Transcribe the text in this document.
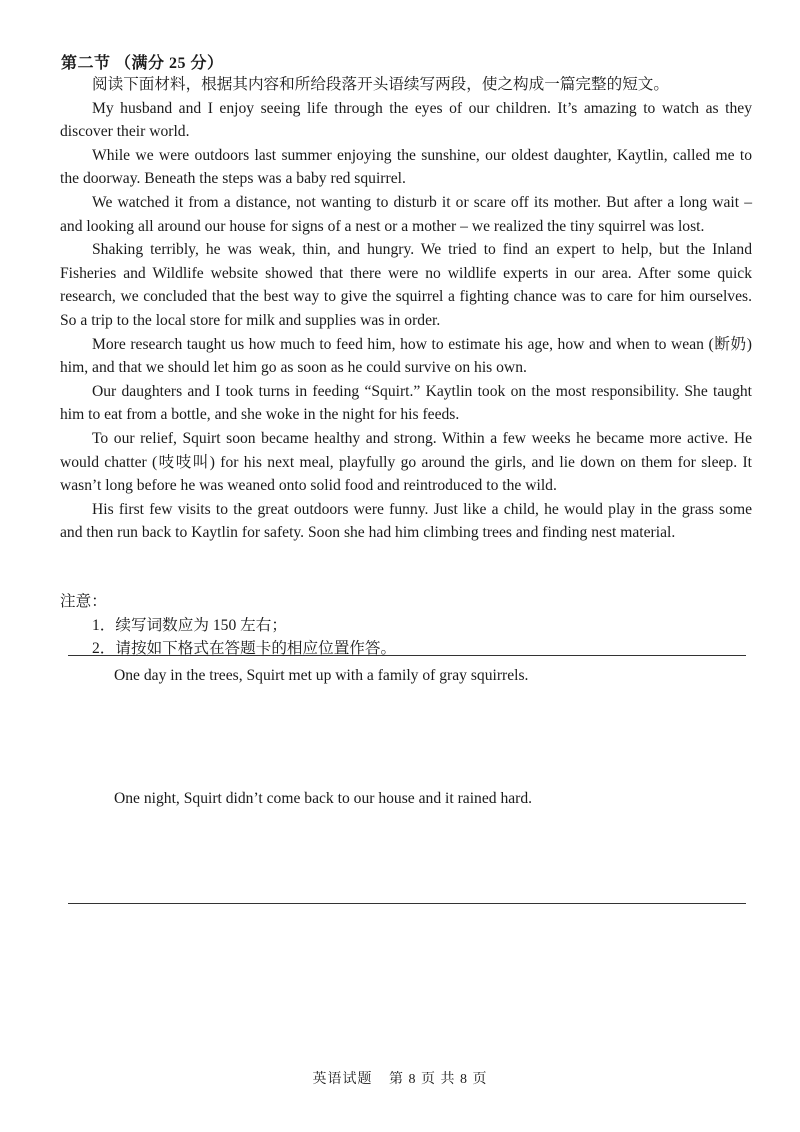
第二节 （满分 25 分）

阅读下面材料，根据其内容和所给段落开头语续写两段，使之构成一篇完整的短文。

My husband and I enjoy seeing life through the eyes of our children. It’s amazing to watch as they discover their world.

While we were outdoors last summer enjoying the sunshine, our oldest daughter, Kaytlin, called me to the doorway. Beneath the steps was a baby red squirrel.

We watched it from a distance, not wanting to disturb it or scare off its mother. But after a long wait – and looking all around our house for signs of a nest or a mother – we realized the tiny squirrel was lost.

Shaking terribly, he was weak, thin, and hungry. We tried to find an expert to help, but the Inland Fisheries and Wildlife website showed that there were no wildlife experts in our area. After some quick research, we concluded that the best way to give the squirrel a fighting chance was to care for him ourselves. So a trip to the local store for milk and supplies was in order.

More research taught us how much to feed him, how to estimate his age, how and when to wean (断奶) him, and that we should let him go as soon as he could survive on his own.

Our daughters and I took turns in feeding “Squirt.” Kaytlin took on the most responsibility. She taught him to eat from a bottle, and she woke in the night for his feeds.

To our relief, Squirt soon became healthy and strong. Within a few weeks he became more active. He would chatter (吱吱叫) for his next meal, playfully go around the girls, and lie down on them for sleep. It wasn’t long before he was weaned onto solid food and reintroduced to the wild.

His first few visits to the great outdoors were funny. Just like a child, he would play in the grass some and then run back to Kaytlin for safety. Soon she had him climbing trees and finding nest material.

注意：
1．续写词数应为 150 左右；
2．请按如下格式在答题卡的相应位置作答。
One day in the trees, Squirt met up with a family of gray squirrels.
One night, Squirt didn’t come back to our house and it rained hard.
英语试题 第 8 页 共 8 页
